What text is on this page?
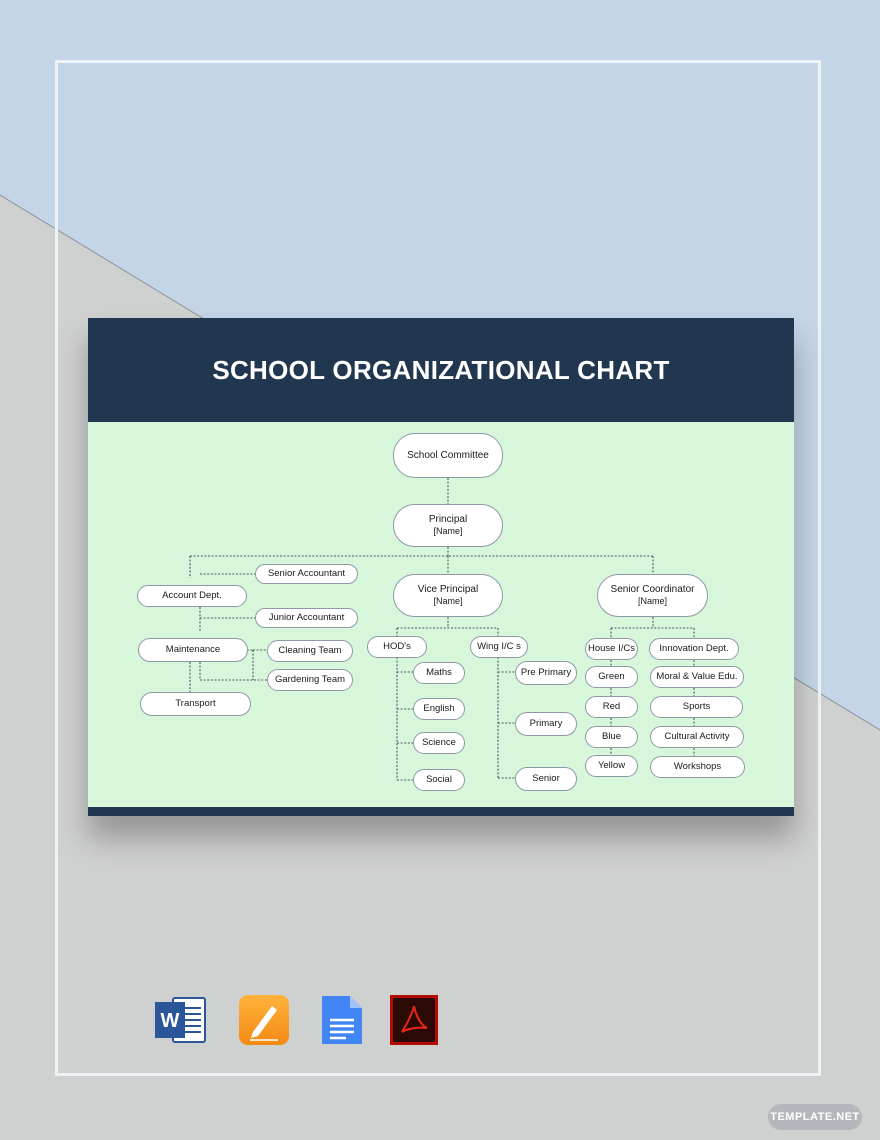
SCHOOL ORGANIZATIONAL CHART
School Committee
Principal
[Name]
Account Dept.
Senior Accountant
Junior Accountant
Maintenance	Cleaning Team
Gardening Team
Transport
Vice Principal
[Name]
HOD's	Wing I/C s
Maths
English
Science
Social
Pre Primary
Primary
Senior
Senior Coordinator
[Name]
House I/Cs
Green
Red
Blue
Yellow
Innovation Dept.
Moral & Value Edu.
Sports
Cultural Activity
Workshops
W
TEMPLATE.NET
